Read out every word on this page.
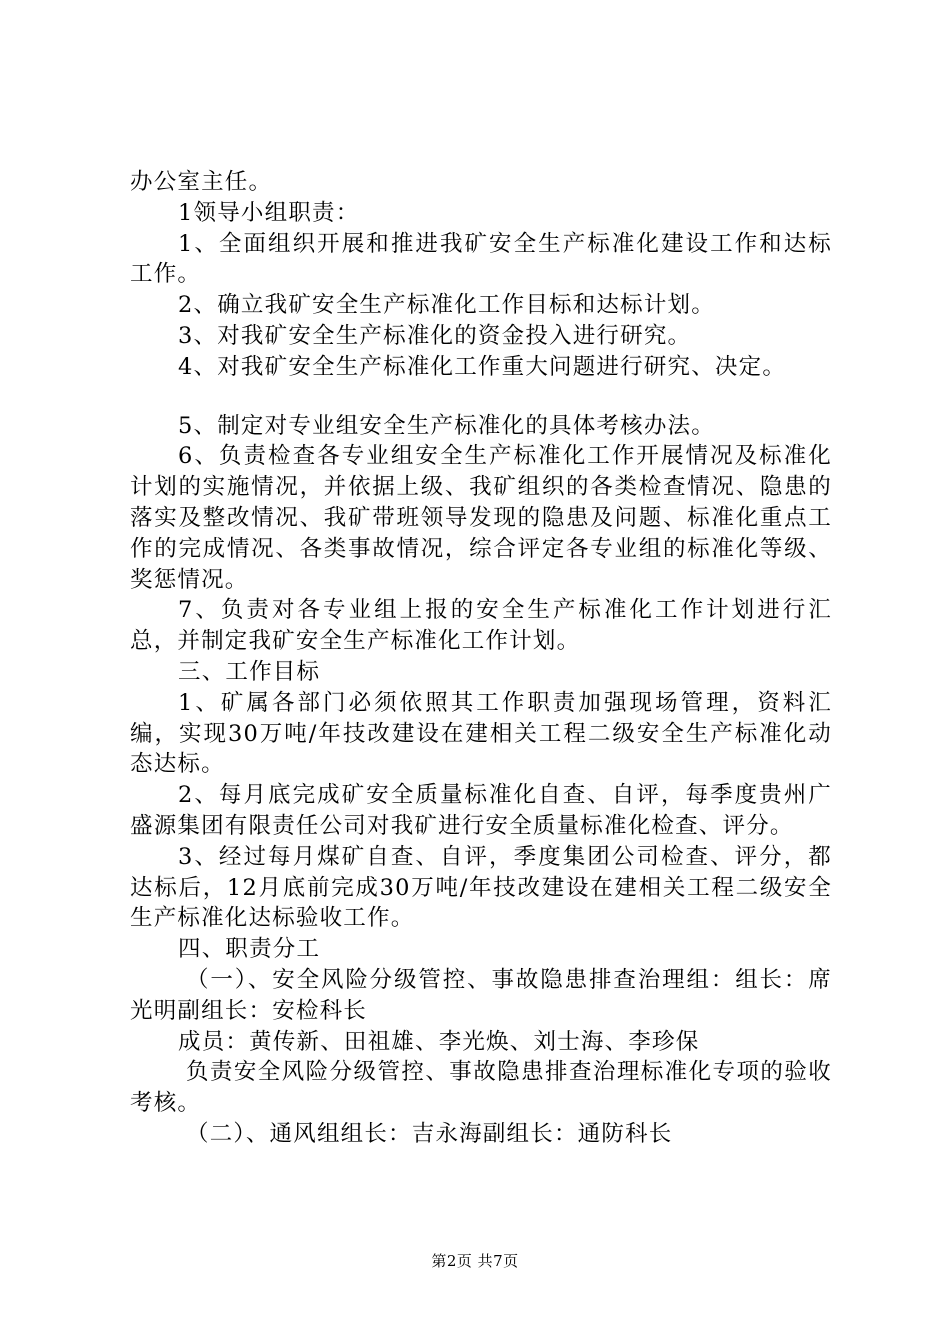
办公室主任。

1领导小组职责：

1、全面组织开展和推进我矿安全生产标准化建设工作和达标工作。

2、确立我矿安全生产标准化工作目标和达标计划。

3、对我矿安全生产标准化的资金投入进行研究。

4、对我矿安全生产标准化工作重大问题进行研究、决定。

5、制定对专业组安全生产标准化的具体考核办法。

6、负责检查各专业组安全生产标准化工作开展情况及标准化计划的实施情况，并依据上级、我矿组织的各类检查情况、隐患的落实及整改情况、我矿带班领导发现的隐患及问题、标准化重点工作的完成情况、各类事故情况，综合评定各专业组的标准化等级、奖惩情况。

7、负责对各专业组上报的安全生产标准化工作计划进行汇总，并制定我矿安全生产标准化工作计划。

三、工作目标

1、矿属各部门必须依照其工作职责加强现场管理，资料汇编，实现30万吨/年技改建设在建相关工程二级安全生产标准化动态达标。

2、每月底完成矿安全质量标准化自查、自评，每季度贵州广盛源集团有限责任公司对我矿进行安全质量标准化检查、评分。

3、经过每月煤矿自查、自评，季度集团公司检查、评分，都达标后，12月底前完成30万吨/年技改建设在建相关工程二级安全生产标准化达标验收工作。

四、职责分工

（一）、安全风险分级管控、事故隐患排查治理组：组长：席光明副组长：安检科长

成员：黄传新、田祖雄、李光焕、刘士海、李珍保

负责安全风险分级管控、事故隐患排查治理标准化专项的验收考核。

（二）、通风组组长：吉永海副组长：通防科长

第2页 共7页
